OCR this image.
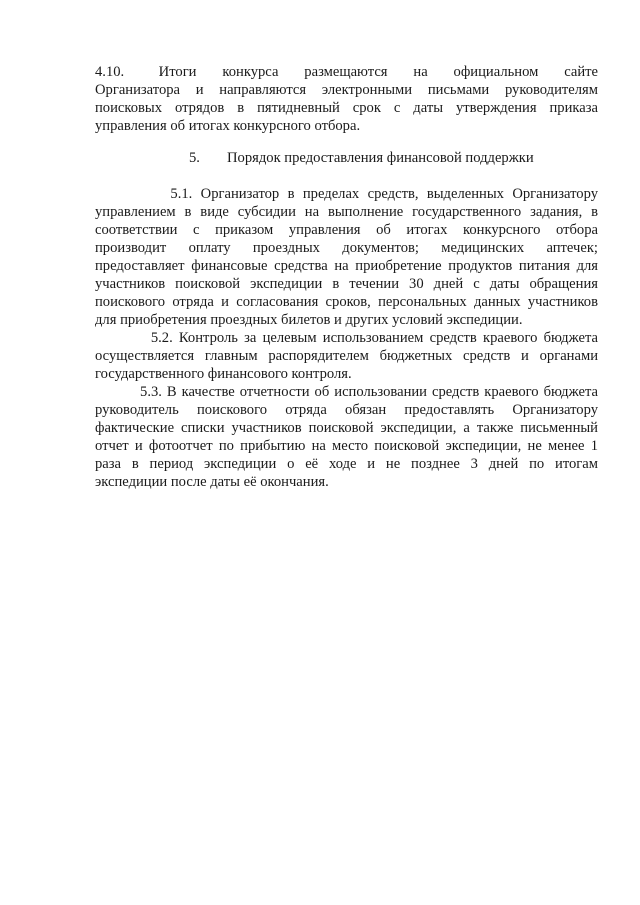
4.10.    Итоги   конкурса   размещаются   на   официальном   сайте
Организатора и направляются электронными письмами руководителям
поисковых отрядов в пятидневный срок с даты утверждения приказа
управления об итогах конкурсного отбора.
5. Порядок предоставления финансовой поддержки
5.1. Организатор в пределах средств, выделенных Организатору
управлением в виде субсидии на выполнение государственного задания, в
соответствии с приказом управления об итогах конкурсного отбора
производит оплату проездных документов; медицинских аптечек;
предоставляет финансовые средства на приобретение продуктов питания для
участников поисковой экспедиции в течении 30 дней с даты обращения
поискового отряда и согласования сроков, персональных данных участников
для приобретения проездных билетов и других условий экспедиции.
5.2. Контроль за целевым использованием средств краевого бюджета
осуществляется главным распорядителем бюджетных средств и органами
государственного финансового контроля.
5.3. В качестве отчетности об использовании средств краевого бюджета
руководитель поискового отряда обязан предоставлять Организатору
фактические списки участников поисковой экспедиции, а также письменный
отчет и фотоотчет по прибытию на место поисковой экспедиции, не менее 1
раза в период экспедиции о её ходе и не позднее 3 дней по итогам
экспедиции после даты её окончания.
